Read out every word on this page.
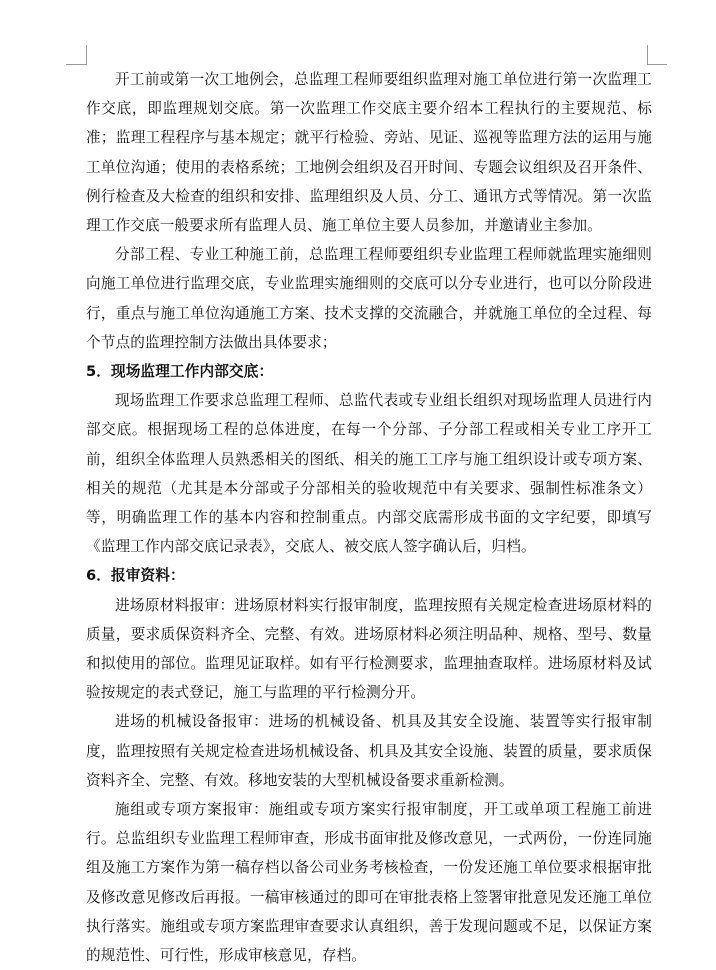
开工前或第一次工地例会，总监理工程师要组织监理对施工单位进行第一次监理工作交底，即监理规划交底。第一次监理工作交底主要介绍本工程执行的主要规范、标准；监理工程程序与基本规定；就平行检验、旁站、见证、巡视等监理方法的运用与施工单位沟通；使用的表格系统；工地例会组织及召开时间、专题会议组织及召开条件、例行检查及大检查的组织和安排、监理组织及人员、分工、通讯方式等情况。第一次监理工作交底一般要求所有监理人员、施工单位主要人员参加，并邀请业主参加。

分部工程、专业工种施工前，总监理工程师要组织专业监理工程师就监理实施细则向施工单位进行监理交底，专业监理实施细则的交底可以分专业进行，也可以分阶段进行，重点与施工单位沟通施工方案、技术支撑的交流融合，并就施工单位的全过程、每个节点的监理控制方法做出具体要求；

5．现场监理工作内部交底：

现场监理工作要求总监理工程师、总监代表或专业组长组织对现场监理人员进行内部交底。根据现场工程的总体进度，在每一个分部、子分部工程或相关专业工序开工前，组织全体监理人员熟悉相关的图纸、相关的施工工序与施工组织设计或专项方案、相关的规范（尤其是本分部或子分部相关的验收规范中有关要求、强制性标准条文）等，明确监理工作的基本内容和控制重点。内部交底需形成书面的文字纪要，即填写《监理工作内部交底记录表》，交底人、被交底人签字确认后，归档。

6．报审资料：

进场原材料报审：进场原材料实行报审制度，监理按照有关规定检查进场原材料的质量，要求质保资料齐全、完整、有效。进场原材料必须注明品种、规格、型号、数量和拟使用的部位。监理见证取样。如有平行检测要求，监理抽查取样。进场原材料及试验按规定的表式登记，施工与监理的平行检测分开。

进场的机械设备报审：进场的机械设备、机具及其安全设施、装置等实行报审制度，监理按照有关规定检查进场机械设备、机具及其安全设施、装置的质量，要求质保资料齐全、完整、有效。移地安装的大型机械设备要求重新检测。

施组或专项方案报审：施组或专项方案实行报审制度，开工或单项工程施工前进行。总监组织专业监理工程师审查，形成书面审批及修改意见，一式两份，一份连同施组及施工方案作为第一稿存档以备公司业务考核检查，一份发还施工单位要求根据审批及修改意见修改后再报。一稿审核通过的即可在审批表格上签署审批意见发还施工单位执行落实。施组或专项方案监理审查要求认真组织，善于发现问题或不足，以保证方案的规范性、可行性，形成审核意见，存档。
